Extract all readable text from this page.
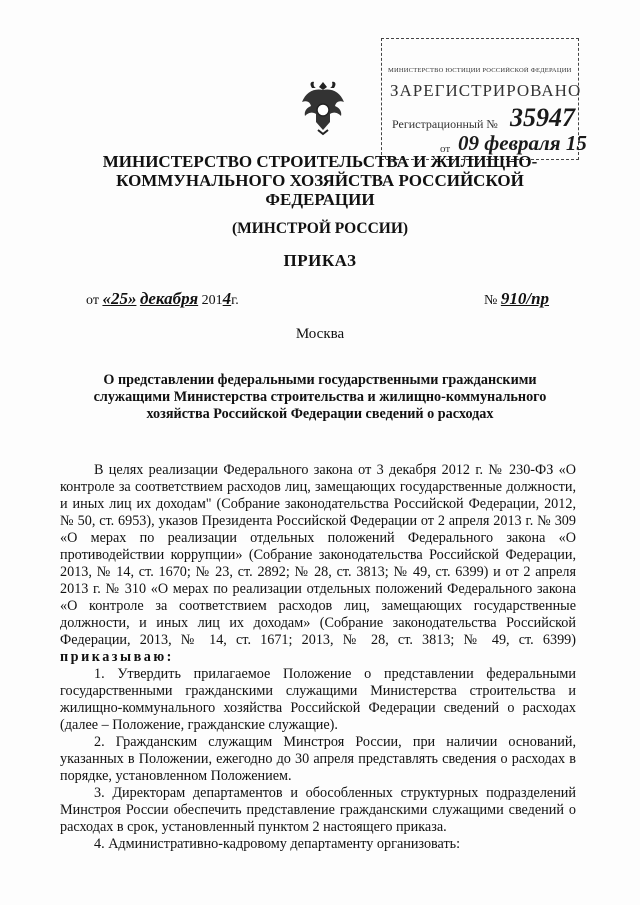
МИНИСТЕРСТВО ЮСТИЦИИ РОССИЙСКОЙ ФЕДЕРАЦИИ
ЗАРЕГИСТРИРОВАНО
Регистрационный № 35947
от 09 февраля 15
МИНИСТЕРСТВО СТРОИТЕЛЬСТВА И ЖИЛИЩНО-КОММУНАЛЬНОГО ХОЗЯЙСТВА РОССИЙСКОЙ ФЕДЕРАЦИИ
(МИНСТРОЙ РОССИИ)
ПРИКАЗ
от «25» декабря 2014г.	№ 910/пр
Москва
О представлении федеральными государственными гражданскими служащими Министерства строительства и жилищно-коммунального хозяйства Российской Федерации сведений о расходах

В целях реализации Федерального закона от 3 декабря 2012 г. № 230-ФЗ «О контроле за соответствием расходов лиц, замещающих государственные должности, и иных лиц их доходам" (Собрание законодательства Российской Федерации, 2012, № 50, ст. 6953), указов Президента Российской Федерации от 2 апреля 2013 г. № 309 «О мерах по реализации отдельных положений Федерального закона «О противодействии коррупции» (Собрание законодательства Российской Федерации, 2013, № 14, ст. 1670; № 23, ст. 2892; № 28, ст. 3813; № 49, ст. 6399) и от 2 апреля 2013 г. № 310 «О мерах по реализации отдельных положений Федерального закона «О контроле за соответствием расходов лиц, замещающих государственные должности, и иных лиц их доходам» (Собрание законодательства Российской Федерации, 2013, № 14, ст. 1671; 2013, № 28, ст. 3813; № 49, ст. 6399) приказываю:

1. Утвердить прилагаемое Положение о представлении федеральными государственными гражданскими служащими Министерства строительства и жилищно-коммунального хозяйства Российской Федерации сведений о расходах (далее – Положение, гражданские служащие).

2. Гражданским служащим Минстроя России, при наличии оснований, указанных в Положении, ежегодно до 30 апреля представлять сведения о расходах в порядке, установленном Положением.

3. Директорам департаментов и обособленных структурных подразделений Минстроя России обеспечить представление гражданскими служащими сведений о расходах в срок, установленный пунктом 2 настоящего приказа.

4. Административно-кадровому департаменту организовать:
